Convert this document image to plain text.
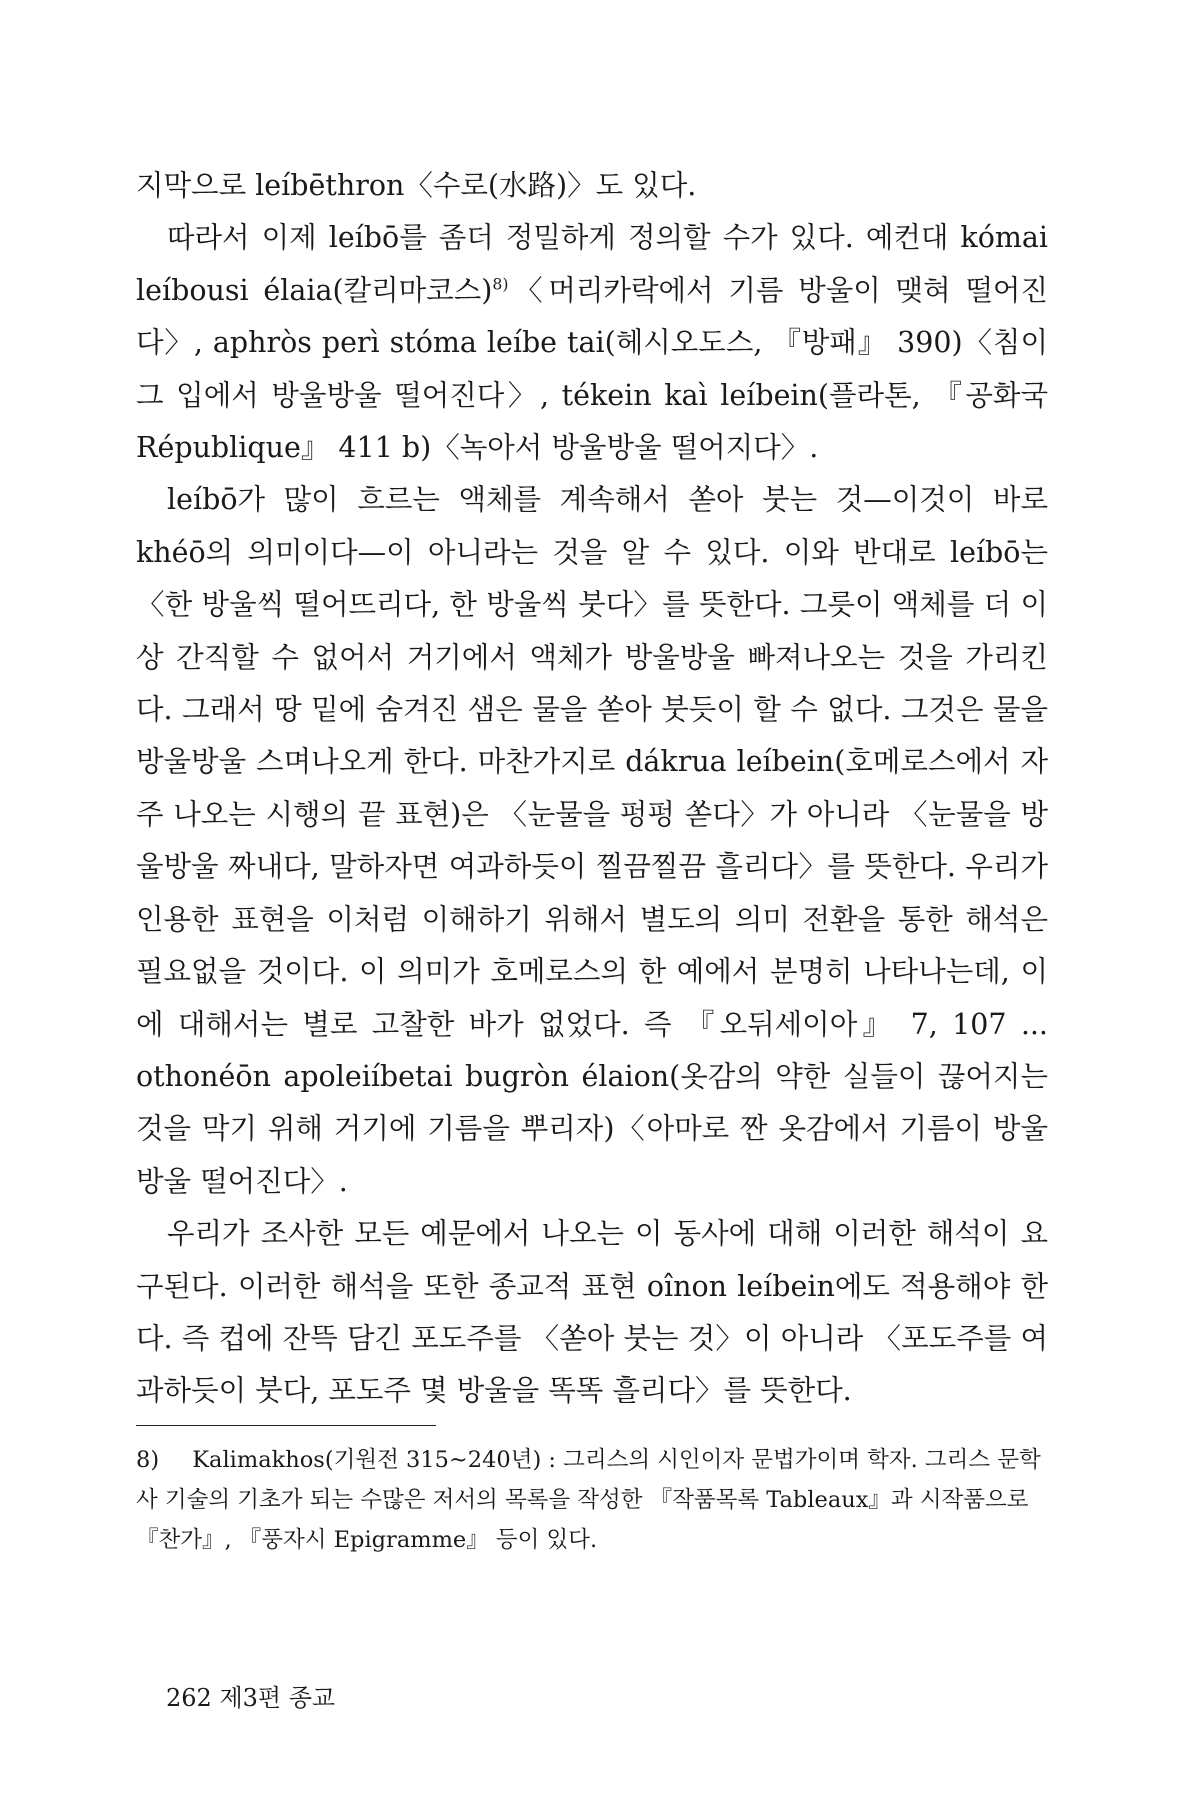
지막으로 leíbēthron〈수로(水路)〉도 있다.

따라서 이제 leíbō를 좀더 정밀하게 정의할 수가 있다. 예컨대 kómai leíbousi élaia(칼리마코스)$^{8)}$〈머리카락에서 기름 방울이 맺혀 떨어진다〉, aphròs perì stóma leíbe tai(헤시오도스, 『방패』 390)〈침이 그 입에서 방울방울 떨어진다〉, tékein kaì leíbein(플라톤, 『공화국 République』 411 b)〈녹아서 방울방울 떨어지다〉.

leíbō가 많이 흐르는 액체를 계속해서 쏟아 붓는 것—이것이 바로 khéō의 의미이다—이 아니라는 것을 알 수 있다. 이와 반대로 leíbō는 〈한 방울씩 떨어뜨리다, 한 방울씩 붓다〉를 뜻한다. 그릇이 액체를 더 이상 간직할 수 없어서 거기에서 액체가 방울방울 빠져나오는 것을 가리킨다. 그래서 땅 밑에 숨겨진 샘은 물을 쏟아 붓듯이 할 수 없다. 그것은 물을 방울방울 스며나오게 한다. 마찬가지로 dákrua leíbein(호메로스에서 자주 나오는 시행의 끝 표현)은 〈눈물을 펑펑 쏟다〉가 아니라 〈눈물을 방울방울 짜내다, 말하자면 여과하듯이 찔끔찔끔 흘리다〉를 뜻한다. 우리가 인용한 표현을 이처럼 이해하기 위해서 별도의 의미 전환을 통한 해석은 필요없을 것이다. 이 의미가 호메로스의 한 예에서 분명히 나타나는데, 이에 대해서는 별로 고찰한 바가 없었다. 즉 『오뒤세이아』 7, 107 ... othonéōn apoleiíbetai bugròn élaion(옷감의 약한 실들이 끊어지는 것을 막기 위해 거기에 기름을 뿌리자)〈아마로 짠 옷감에서 기름이 방울방울 떨어진다〉.

우리가 조사한 모든 예문에서 나오는 이 동사에 대해 이러한 해석이 요구된다. 이러한 해석을 또한 종교적 표현 oînon leíbein에도 적용해야 한다. 즉 컵에 잔뜩 담긴 포도주를 〈쏟아 붓는 것〉이 아니라 〈포도주를 여과하듯이 붓다, 포도주 몇 방울을 똑똑 흘리다〉를 뜻한다.

8) Kalimakhos(기원전 315~240년) : 그리스의 시인이자 문법가이며 학자. 그리스 문학사 기술의 기초가 되는 수많은 저서의 목록을 작성한 『작품목록 Tableaux』과 시작품으로 『찬가』, 『풍자시 Epigramme』 등이 있다.
262 제3편 종교
